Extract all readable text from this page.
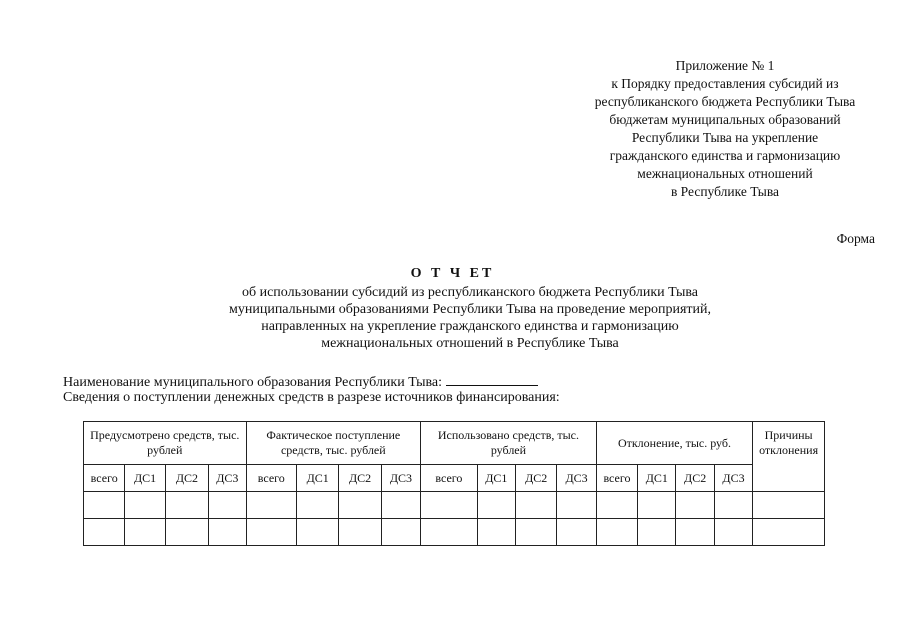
Приложение № 1
к Порядку предоставления субсидий из
республиканского бюджета Республики Тыва
бюджетам муниципальных образований
Республики Тыва на укрепление
гражданского единства и гармонизацию
межнациональных отношений
в Республике Тыва
Форма
О Т Ч ЕТ
об использовании субсидий из республиканского бюджета Республики Тыва
муниципальными образованиями Республики Тыва на проведение мероприятий,
направленных на укрепление гражданского единства и гармонизацию
межнациональных отношений в Республике Тыва
Наименование муниципального образования Республики Тыва:
Сведения о поступлении денежных средств в разрезе источников финансирования:
Предусмотрено средств, тыс. рублей				Фактическое поступление средств, тыс. рублей				Использовано средств, тыс. рублей				Отклонение, тыс. руб.				Причины отклонения

всего	ДС1	ДС2	ДС3	всего	ДС1	ДС2	ДС3	всего	ДС1	ДС2	ДС3	всего	ДС1	ДС2	ДС3	
